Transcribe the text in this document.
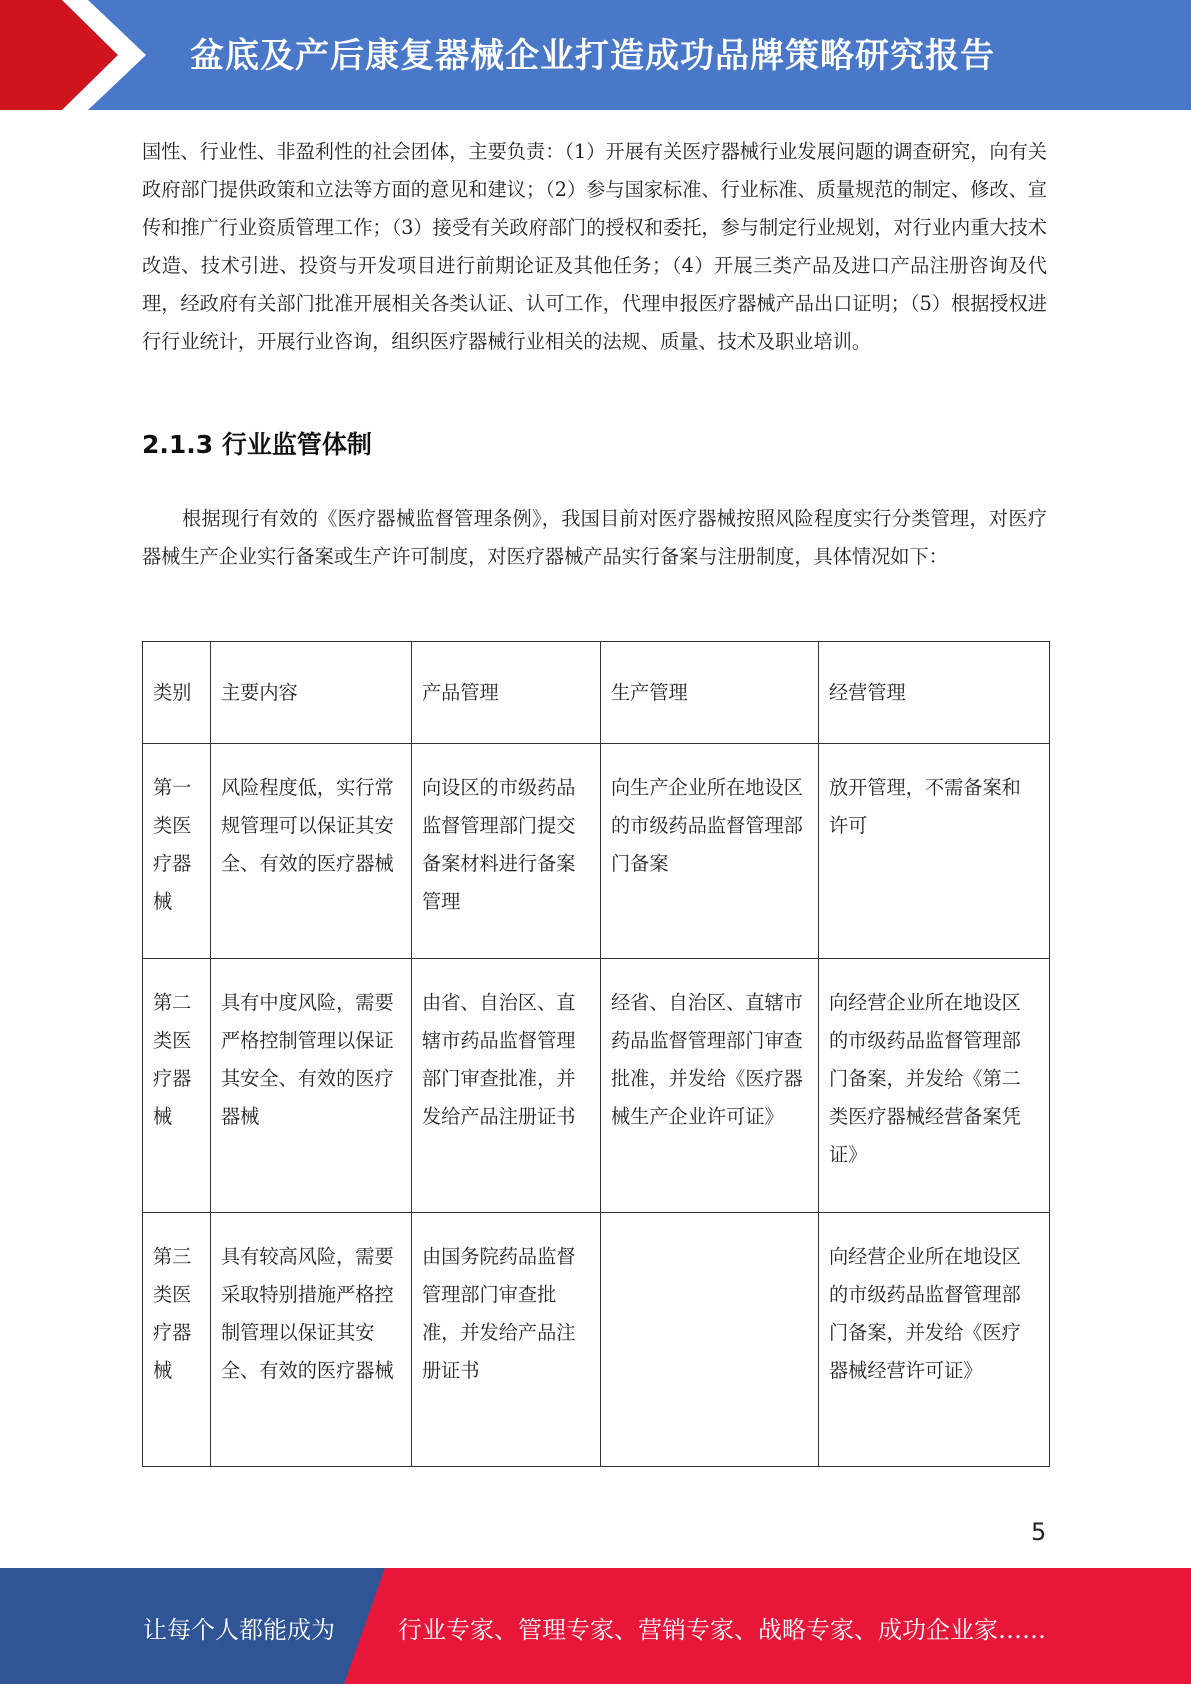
盆底及产后康复器械企业打造成功品牌策略研究报告
国性、行业性、非盈利性的社会团体，主要负责：（1）开展有关医疗器械行业发展问题的调查研究，向有关政府部门提供政策和立法等方面的意见和建议；（2）参与国家标准、行业标准、质量规范的制定、修改、宣传和推广行业资质管理工作；（3）接受有关政府部门的授权和委托，参与制定行业规划，对行业内重大技术改造、技术引进、投资与开发项目进行前期论证及其他任务；（4）开展三类产品及进口产品注册咨询及代理，经政府有关部门批准开展相关各类认证、认可工作，代理申报医疗器械产品出口证明；（5）根据授权进行行业统计，开展行业咨询，组织医疗器械行业相关的法规、质量、技术及职业培训。
2.1.3 行业监管体制
根据现行有效的《医疗器械监督管理条例》，我国目前对医疗器械按照风险程度实行分类管理，对医疗器械生产企业实行备案或生产许可制度，对医疗器械产品实行备案与注册制度，具体情况如下：
类别	主要内容	产品管理	生产管理	经营管理
第一类医疗器械	风险程度低，实行常规管理可以保证其安全、有效的医疗器械	向设区的市级药品监督管理部门提交备案材料进行备案管理	向生产企业所在地设区的市级药品监督管理部门备案	放开管理，不需备案和许可
第二类医疗器械	具有中度风险，需要严格控制管理以保证其安全、有效的医疗器械	由省、自治区、直辖市药品监督管理部门审查批准，并发给产品注册证书	经省、自治区、直辖市药品监督管理部门审查批准，并发给《医疗器械生产企业许可证》	向经营企业所在地设区的市级药品监督管理部门备案，并发给《第二类医疗器械经营备案凭证》
第三类医疗器械	具有较高风险，需要采取特别措施严格控制管理以保证其安全、有效的医疗器械	由国务院药品监督管理部门审查批准，并发给产品注册证书		向经营企业所在地设区的市级药品监督管理部门备案，并发给《医疗器械经营许可证》
5
让每个人都能成为	行业专家、管理专家、营销专家、战略专家、成功企业家……
